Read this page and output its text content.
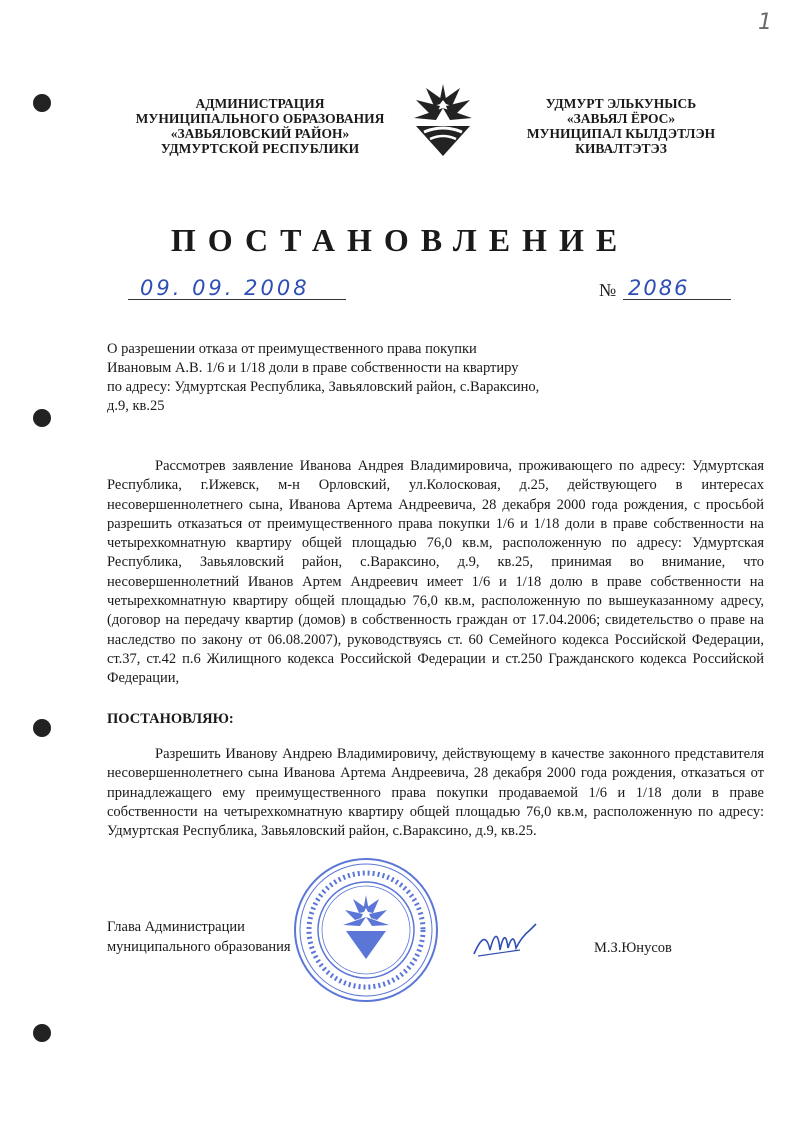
1
АДМИНИСТРАЦИЯ
МУНИЦИПАЛЬНОГО ОБРАЗОВАНИЯ
«ЗАВЬЯЛОВСКИЙ РАЙОН»
УДМУРТСКОЙ РЕСПУБЛИКИ
УДМУРТ ЭЛЬКУНЫСЬ
«ЗАВЬЯЛ ЁРОС»
МУНИЦИПАЛ КЫЛДЭТЛЭН
КИВАЛТЭТЭЗ
ПОСТАНОВЛЕНИЕ
09. 09. 2008	№ 2086
О разрешении отказа от преимущественного права покупки
Ивановым А.В. 1/6 и 1/18 доли в праве собственности на квартиру
по адресу: Удмуртская Республика, Завьяловский район, с.Вараксино,
д.9, кв.25
Рассмотрев заявление Иванова Андрея Владимировича, проживающего по адресу: Удмуртская Республика, г.Ижевск, м-н Орловский, ул.Колосковая, д.25, действующего в интересах несовершеннолетнего сына, Иванова Артема Андреевича, 28 декабря 2000 года рождения, с просьбой разрешить отказаться от преимущественного права покупки 1/6 и 1/18 доли в праве собственности на четырехкомнатную квартиру общей площадью 76,0 кв.м, расположенную по адресу: Удмуртская Республика, Завьяловский район, с.Вараксино, д.9, кв.25, принимая во внимание, что несовершеннолетний Иванов Артем Андреевич имеет 1/6 и 1/18 долю в праве собственности на четырехкомнатную квартиру общей площадью 76,0 кв.м, расположенную по вышеуказанному адресу, (договор на передачу квартир (домов) в собственность граждан от 17.04.2006; свидетельство о праве на наследство по закону от 06.08.2007), руководствуясь ст. 60 Семейного кодекса Российской Федерации, ст.37, ст.42 п.6 Жилищного кодекса Российской Федерации и ст.250 Гражданского кодекса Российской Федерации,
ПОСТАНОВЛЯЮ:
Разрешить Иванову Андрею Владимировичу, действующему в качестве законного представителя несовершеннолетнего сына Иванова Артема Андреевича, 28 декабря 2000 года рождения, отказаться от принадлежащего ему преимущественного права покупки продаваемой 1/6 и 1/18 доли в праве собственности на четырехкомнатную квартиру общей площадью 76,0 кв.м, расположенную по адресу: Удмуртская Республика, Завьяловский район, с.Вараксино, д.9, кв.25.
Глава Администрации
муниципального образования	М.З.Юнусов
